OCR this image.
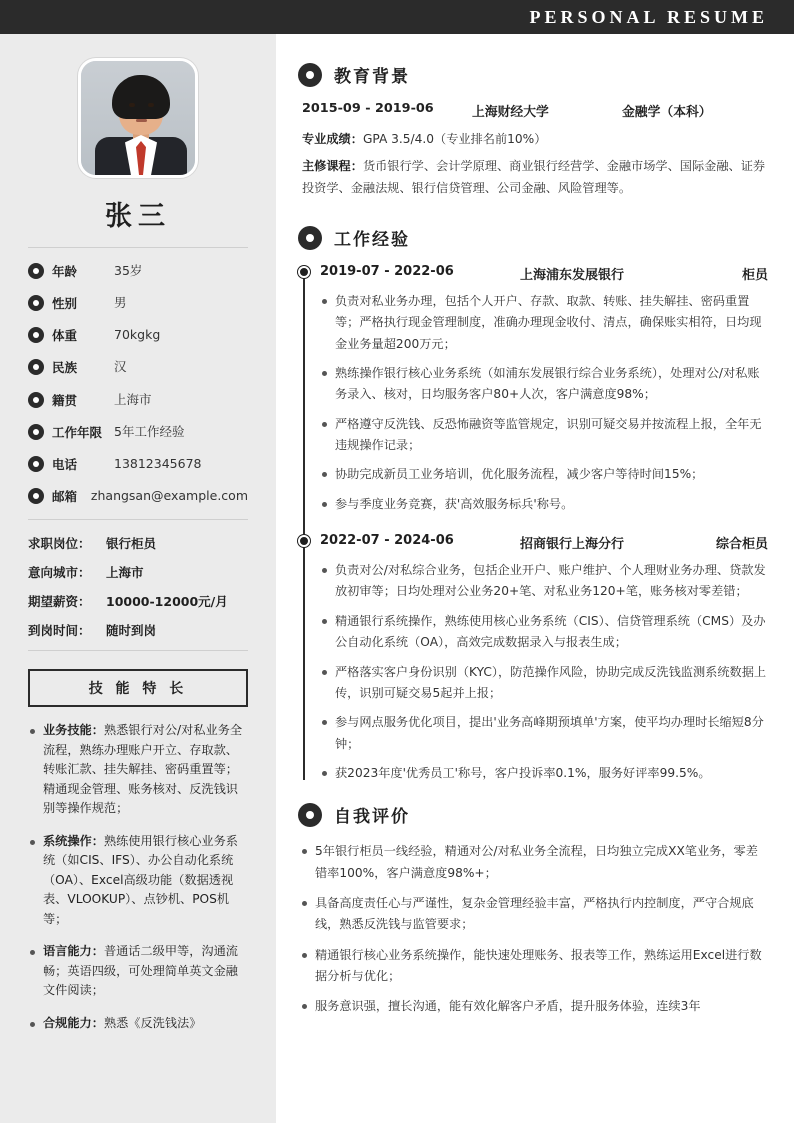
PERSONAL RESUME
张三
年龄	35岁
性别	男
体重	70kgkg
民族	汉
籍贯	上海市
工作年限 5年工作经验
电话	13812345678
邮箱	zhangsan@example.com
求职岗位：	银行柜员
意向城市：	上海市
期望薪资：	10000-12000元/月
到岗时间：	随时到岗
技 能 特 长
业务技能：熟悉银行对公/对私业务全流程，熟练办理账户开立、存取款、转账汇款、挂失解挂、密码重置等；精通现金管理、账务核对、反洗钱识别等操作规范；
系统操作：熟练使用银行核心业务系统（如CIS、IFS）、办公自动化系统（OA）、Excel高级功能（数据透视表、VLOOKUP）、点钞机、POS机等；
语言能力：普通话二级甲等，沟通流畅；英语四级，可处理简单英文金融文件阅读；
合规能力：熟悉《反洗钱法》
教育背景
2015-09 - 2019-06	上海财经大学	金融学（本科）
专业成绩：GPA 3.5/4.0（专业排名前10%）
主修课程：货币银行学、会计学原理、商业银行经营学、金融市场学、国际金融、证券投资学、金融法规、银行信贷管理、公司金融、风险管理等。
工作经验
2019-07 - 2022-06	上海浦东发展银行	柜员
负责对私业务办理，包括个人开户、存款、取款、转账、挂失解挂、密码重置等；严格执行现金管理制度，准确办理现金收付、清点，确保账实相符，日均现金业务量超200万元；
熟练操作银行核心业务系统（如浦东发展银行综合业务系统），处理对公/对私账务录入、核对，日均服务客户80+人次，客户满意度98%；
严格遵守反洗钱、反恐怖融资等监管规定，识别可疑交易并按流程上报，全年无违规操作记录；
协助完成新员工业务培训，优化服务流程，减少客户等待时间15%；
参与季度业务竞赛，获'高效服务标兵'称号。
2022-07 - 2024-06	招商银行上海分行	综合柜员
负责对公/对私综合业务，包括企业开户、账户维护、个人理财业务办理、贷款发放初审等；日均处理对公业务20+笔、对私业务120+笔，账务核对零差错；
精通银行系统操作，熟练使用核心业务系统（CIS）、信贷管理系统（CMS）及办公自动化系统（OA），高效完成数据录入与报表生成；
严格落实客户身份识别（KYC），防范操作风险，协助完成反洗钱监测系统数据上传，识别可疑交易5起并上报；
参与网点服务优化项目，提出'业务高峰期预填单'方案，使平均办理时长缩短8分钟；
获2023年度'优秀员工'称号，客户投诉率0.1%，服务好评率99.5%。
自我评价
5年银行柜员一线经验，精通对公/对私业务全流程，日均独立完成XX笔业务，零差错率100%，客户满意度98%+；
具备高度责任心与严谨性，复杂金管理经验丰富，严格执行内控制度，严守合规底线，熟悉反洗钱与监管要求；
精通银行核心业务系统操作，能快速处理账务、报表等工作，熟练运用Excel进行数据分析与优化；
服务意识强，擅长沟通，能有效化解客户矛盾，提升服务体验，连续3年
